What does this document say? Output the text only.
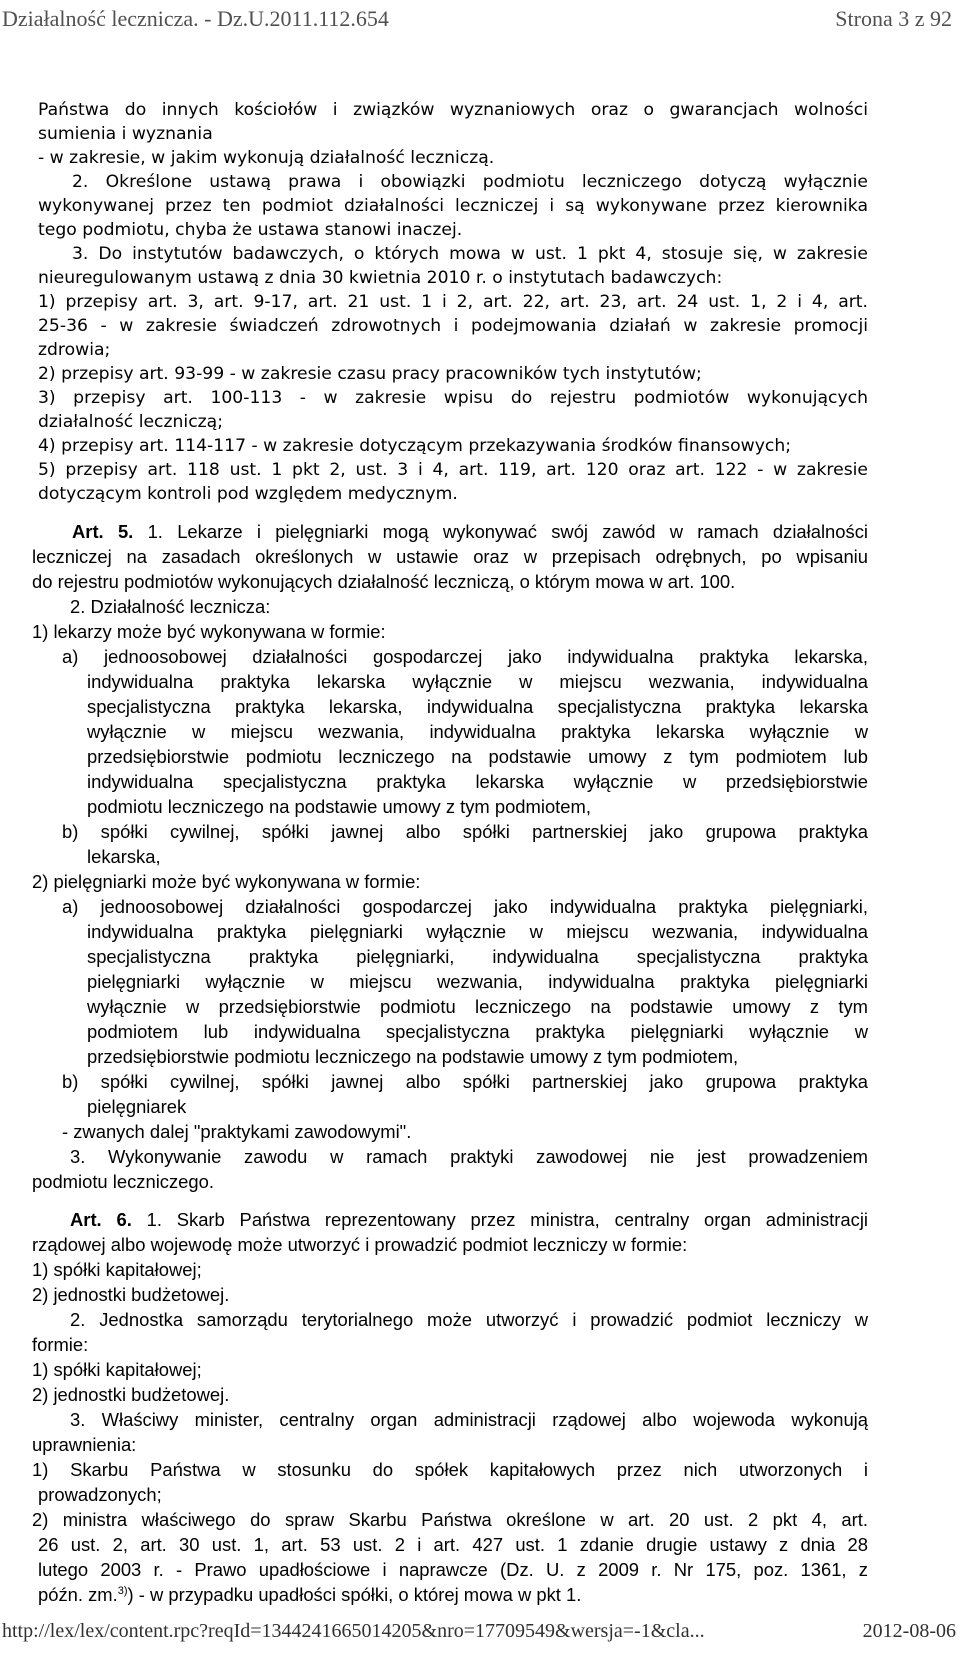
Działalność lecznicza. - Dz.U.2011.112.654	Strona 3 z 92
Państwa do innych kościołów i związków wyznaniowych oraz o gwarancjach wolności
sumienia i wyznania
- w zakresie, w jakim wykonują działalność leczniczą.
2. Określone ustawą prawa i obowiązki podmiotu leczniczego dotyczą wyłącznie
wykonywanej przez ten podmiot działalności leczniczej i są wykonywane przez kierownika
tego podmiotu, chyba że ustawa stanowi inaczej.
3. Do instytutów badawczych, o których mowa w ust. 1 pkt 4, stosuje się, w zakresie
nieuregulowanym ustawą z dnia 30 kwietnia 2010 r. o instytutach badawczych:
1) przepisy art. 3, art. 9-17, art. 21 ust. 1 i 2, art. 22, art. 23, art. 24 ust. 1, 2 i 4, art.
25-36 - w zakresie świadczeń zdrowotnych i podejmowania działań w zakresie promocji
zdrowia;
2) przepisy art. 93-99 - w zakresie czasu pracy pracowników tych instytutów;
3) przepisy art. 100-113 - w zakresie wpisu do rejestru podmiotów wykonujących
działalność leczniczą;
4) przepisy art. 114-117 - w zakresie dotyczącym przekazywania środków finansowych;
5) przepisy art. 118 ust. 1 pkt 2, ust. 3 i 4, art. 119, art. 120 oraz art. 122 - w zakresie
dotyczącym kontroli pod względem medycznym.
Art. 5. 1. Lekarze i pielęgniarki mogą wykonywać swój zawód w ramach działalności
leczniczej na zasadach określonych w ustawie oraz w przepisach odrębnych, po wpisaniu
do rejestru podmiotów wykonujących działalność leczniczą, o którym mowa w art. 100.
2. Działalność lecznicza:
1) lekarzy może być wykonywana w formie:
a) jednoosobowej działalności gospodarczej jako indywidualna praktyka lekarska,
indywidualna praktyka lekarska wyłącznie w miejscu wezwania, indywidualna
specjalistyczna praktyka lekarska, indywidualna specjalistyczna praktyka lekarska
wyłącznie w miejscu wezwania, indywidualna praktyka lekarska wyłącznie w
przedsiębiorstwie podmiotu leczniczego na podstawie umowy z tym podmiotem lub
indywidualna specjalistyczna praktyka lekarska wyłącznie w przedsiębiorstwie
podmiotu leczniczego na podstawie umowy z tym podmiotem,
b) spółki cywilnej, spółki jawnej albo spółki partnerskiej jako grupowa praktyka
lekarska,
2) pielęgniarki może być wykonywana w formie:
a) jednoosobowej działalności gospodarczej jako indywidualna praktyka pielęgniarki,
indywidualna praktyka pielęgniarki wyłącznie w miejscu wezwania, indywidualna
specjalistyczna praktyka pielęgniarki, indywidualna specjalistyczna praktyka
pielęgniarki wyłącznie w miejscu wezwania, indywidualna praktyka pielęgniarki
wyłącznie w przedsiębiorstwie podmiotu leczniczego na podstawie umowy z tym
podmiotem lub indywidualna specjalistyczna praktyka pielęgniarki wyłącznie w
przedsiębiorstwie podmiotu leczniczego na podstawie umowy z tym podmiotem,
b) spółki cywilnej, spółki jawnej albo spółki partnerskiej jako grupowa praktyka
pielęgniarek
- zwanych dalej "praktykami zawodowymi".
3. Wykonywanie zawodu w ramach praktyki zawodowej nie jest prowadzeniem
podmiotu leczniczego.
Art. 6. 1. Skarb Państwa reprezentowany przez ministra, centralny organ administracji
rządowej albo wojewodę może utworzyć i prowadzić podmiot leczniczy w formie:
1) spółki kapitałowej;
2) jednostki budżetowej.
2. Jednostka samorządu terytorialnego może utworzyć i prowadzić podmiot leczniczy w
formie:
1) spółki kapitałowej;
2) jednostki budżetowej.
3. Właściwy minister, centralny organ administracji rządowej albo wojewoda wykonują
uprawnienia:
1) Skarbu Państwa w stosunku do spółek kapitałowych przez nich utworzonych i
prowadzonych;
2) ministra właściwego do spraw Skarbu Państwa określone w art. 20 ust. 2 pkt 4, art.
26 ust. 2, art. 30 ust. 1, art. 53 ust. 2 i art. 427 ust. 1 zdanie drugie ustawy z dnia 28
lutego 2003 r. - Prawo upadłościowe i naprawcze (Dz. U. z 2009 r. Nr 175, poz. 1361, z
późn. zm.$^{3)}$) - w przypadku upadłości spółki, o której mowa w pkt 1.
http://lex/lex/content.rpc?reqId=1344241665014205&nro=17709549&wersja=-1&cla...	2012-08-06
